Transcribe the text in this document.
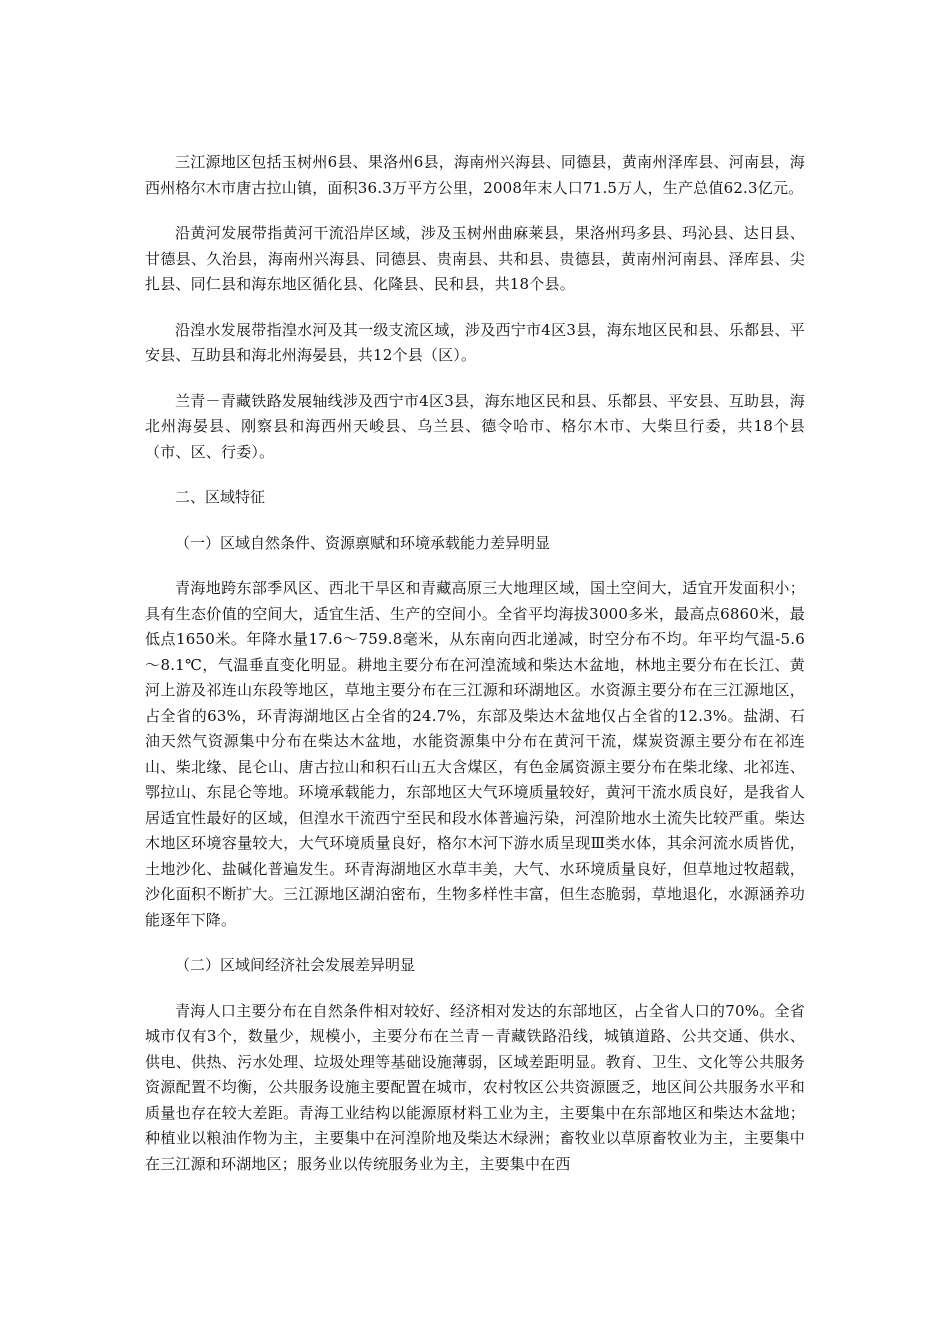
三江源地区包括玉树州6县、果洛州6县，海南州兴海县、同德县，黄南州泽库县、河南县，海西州格尔木市唐古拉山镇，面积36.3万平方公里，2008年末人口71.5万人，生产总值62.3亿元。

沿黄河发展带指黄河干流沿岸区域，涉及玉树州曲麻莱县，果洛州玛多县、玛沁县、达日县、甘德县、久治县，海南州兴海县、同德县、贵南县、共和县、贵德县，黄南州河南县、泽库县、尖扎县、同仁县和海东地区循化县、化隆县、民和县，共18个县。

沿湟水发展带指湟水河及其一级支流区域，涉及西宁市4区3县，海东地区民和县、乐都县、平安县、互助县和海北州海晏县，共12个县（区）。

兰青－青藏铁路发展轴线涉及西宁市4区3县，海东地区民和县、乐都县、平安县、互助县，海北州海晏县、刚察县和海西州天峻县、乌兰县、德令哈市、格尔木市、大柴旦行委，共18个县（市、区、行委）。

二、区域特征

（一）区域自然条件、资源禀赋和环境承载能力差异明显

青海地跨东部季风区、西北干旱区和青藏高原三大地理区域，国土空间大，适宜开发面积小；具有生态价值的空间大，适宜生活、生产的空间小。全省平均海拔3000多米，最高点6860米，最低点1650米。年降水量17.6～759.8毫米，从东南向西北递减，时空分布不均。年平均气温-5.6～8.1℃，气温垂直变化明显。耕地主要分布在河湟流域和柴达木盆地，林地主要分布在长江、黄河上游及祁连山东段等地区，草地主要分布在三江源和环湖地区。水资源主要分布在三江源地区，占全省的63%，环青海湖地区占全省的24.7%，东部及柴达木盆地仅占全省的12.3%。盐湖、石油天然气资源集中分布在柴达木盆地，水能资源集中分布在黄河干流，煤炭资源主要分布在祁连山、柴北缘、昆仑山、唐古拉山和积石山五大含煤区，有色金属资源主要分布在柴北缘、北祁连、鄂拉山、东昆仑等地。环境承载能力，东部地区大气环境质量较好，黄河干流水质良好，是我省人居适宜性最好的区域，但湟水干流西宁至民和段水体普遍污染，河湟阶地水土流失比较严重。柴达木地区环境容量较大，大气环境质量良好，格尔木河下游水质呈现Ⅲ类水体，其余河流水质皆优，土地沙化、盐碱化普遍发生。环青海湖地区水草丰美，大气、水环境质量良好，但草地过牧超载，沙化面积不断扩大。三江源地区湖泊密布，生物多样性丰富，但生态脆弱，草地退化，水源涵养功能逐年下降。

（二）区域间经济社会发展差异明显

青海人口主要分布在自然条件相对较好、经济相对发达的东部地区，占全省人口的70%。全省城市仅有3个，数量少，规模小，主要分布在兰青－青藏铁路沿线，城镇道路、公共交通、供水、供电、供热、污水处理、垃圾处理等基础设施薄弱，区域差距明显。教育、卫生、文化等公共服务资源配置不均衡，公共服务设施主要配置在城市，农村牧区公共资源匮乏，地区间公共服务水平和质量也存在较大差距。青海工业结构以能源原材料工业为主，主要集中在东部地区和柴达木盆地；种植业以粮油作物为主，主要集中在河湟阶地及柴达木绿洲；畜牧业以草原畜牧业为主，主要集中在三江源和环湖地区；服务业以传统服务业为主，主要集中在西
